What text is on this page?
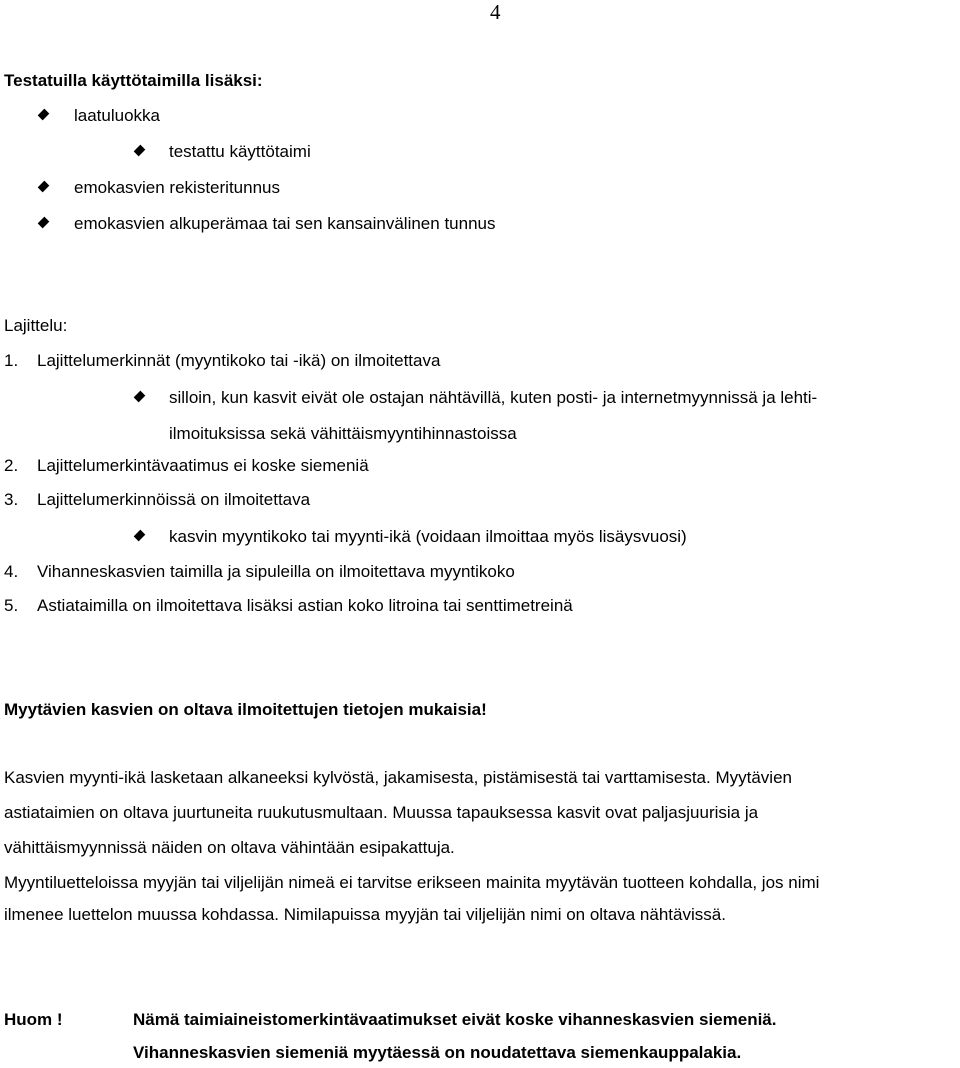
4
Testatuilla käyttötaimilla lisäksi:
laatuluokka
testattu käyttötaimi
emokasvien rekisteritunnus
emokasvien alkuperämaa tai sen kansainvälinen tunnus
Lajittelu:
1. Lajittelumerkinnät (myyntikoko tai -ikä) on ilmoitettava
silloin, kun kasvit eivät ole ostajan nähtävillä, kuten posti- ja internetmyynnissä ja lehti-
ilmoituksissa sekä vähittäismyyntihinnastoissa
2. Lajittelumerkintävaatimus ei koske siemeniä
3. Lajittelumerkinnöissä on ilmoitettava
kasvin myyntikoko tai myynti-ikä (voidaan ilmoittaa myös lisäysvuosi)
4. Vihanneskasvien taimilla ja sipuleilla on ilmoitettava myyntikoko
5. Astiataimilla on ilmoitettava lisäksi astian koko litroina tai senttimetreinä
Myytävien kasvien on oltava ilmoitettujen tietojen mukaisia!
Kasvien myynti-ikä lasketaan alkaneeksi kylvöstä, jakamisesta, pistämisestä tai varttamisesta. Myytävien
astiataimien on oltava juurtuneita ruukutusmultaan. Muussa tapauksessa kasvit ovat paljasjuurisia ja
vähittäismyynnissä näiden on oltava vähintään esipakattuja.
Myyntiluetteloissa myyjän tai viljelijän nimeä ei tarvitse erikseen mainita myytävän tuotteen kohdalla, jos nimi
ilmenee luettelon muussa kohdassa. Nimilapuissa myyjän tai viljelijän nimi on oltava nähtävissä.
Huom !	Nämä taimiaineistomerkintävaatimukset eivät koske vihanneskasvien siemeniä.
Vihanneskasvien siemeniä myytäessä on noudatettava siemenkauppalakia.
